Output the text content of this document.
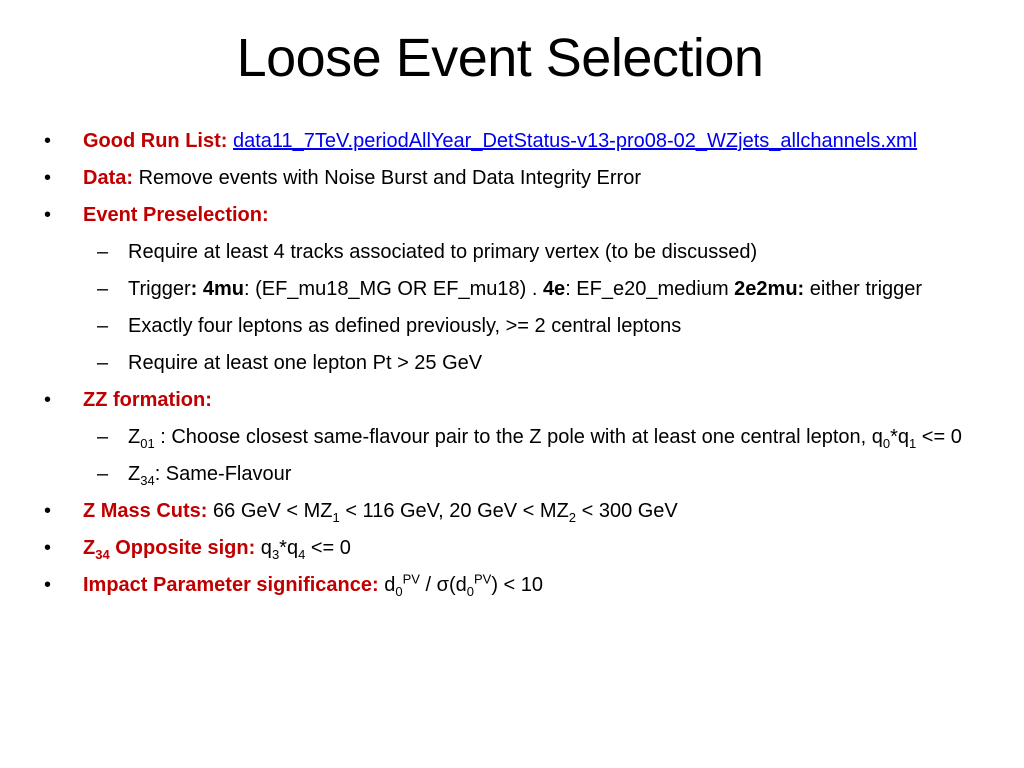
Loose Event Selection
•	Good Run List: data11_7TeV.periodAllYear_DetStatus-v13-pro08-02_WZjets_allchannels.xml
•	Data: Remove events with Noise Burst and Data Integrity Error
•	Event Preselection:
– Require at least 4 tracks associated to primary vertex (to be discussed)
– Trigger: 4mu: (EF_mu18_MG OR EF_mu18) . 4e: EF_e20_medium 2e2mu: either trigger
– Exactly four leptons as defined previously, >= 2 central leptons
– Require at least one lepton Pt > 25 GeV
•	ZZ formation:
– $Z_{01}$ : Choose closest same-flavour pair to the Z pole with at least one central lepton, $q_0*q_1 <= 0$
– $Z_{34}$: Same-Flavour
•	Z Mass Cuts: 66 GeV < $MZ_1 < 116$ GeV, 20 GeV < $MZ_2 < 300$ GeV
•	$Z_{34}$ Opposite sign: $q_3*q_4 <= 0$
•	Impact Parameter significance: $d_0^{PV} / \sigma(d_0^{PV}) < 10$
